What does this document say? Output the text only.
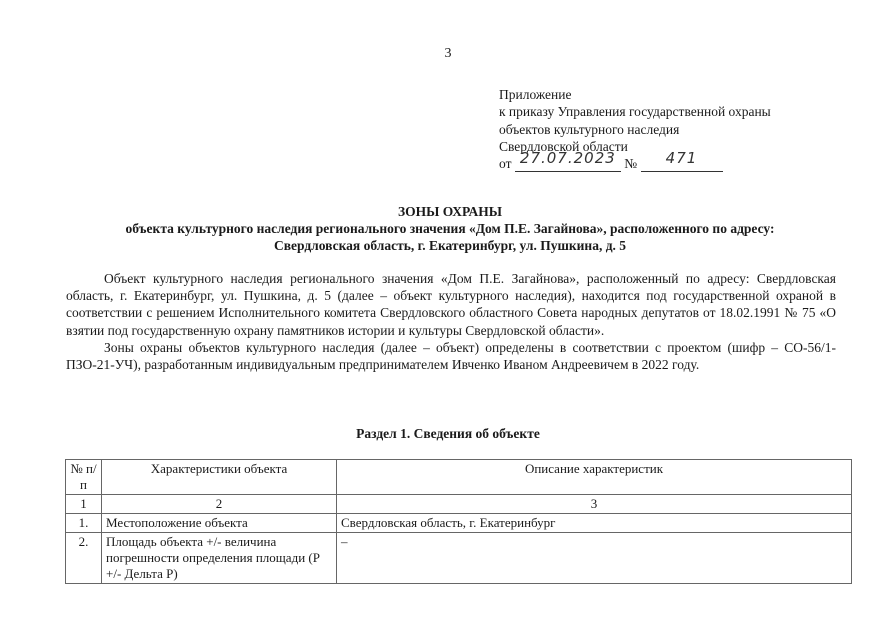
3
Приложение
к приказу Управления государственной охраны
объектов культурного наследия
Свердловской области
от 27.07.2023 № 471
ЗОНЫ ОХРАНЫ
объекта культурного наследия регионального значения «Дом П.Е. Загайнова», расположенного по адресу:
Свердловская область, г. Екатеринбург, ул. Пушкина, д. 5

Объект культурного наследия регионального значения «Дом П.Е. Загайнова», расположенный по адресу: Свердловская область, г. Екатеринбург, ул. Пушкина, д. 5 (далее – объект культурного наследия), находится под государственной охраной в соответствии с решением Исполнительного комитета Свердловского областного Совета народных депутатов от 18.02.1991 № 75 «О взятии под государственную охрану памятников истории и культуры Свердловской области».

Зоны охраны объектов культурного наследия (далее – объект) определены в соответствии с проектом (шифр – СО-56/1-ПЗО-21-УЧ), разработанным индивидуальным предпринимателем Ивченко Иваном Андреевичем в 2022 году.

Раздел 1. Сведения об объекте
№ п/п	Характеристики объекта	Описание характеристик
1	2	3
1.	Местоположение объекта	Свердловская область, г. Екатеринбург
2.	Площадь объекта +/- величина погрешности определения площади (Р +/- Дельта Р)	–
